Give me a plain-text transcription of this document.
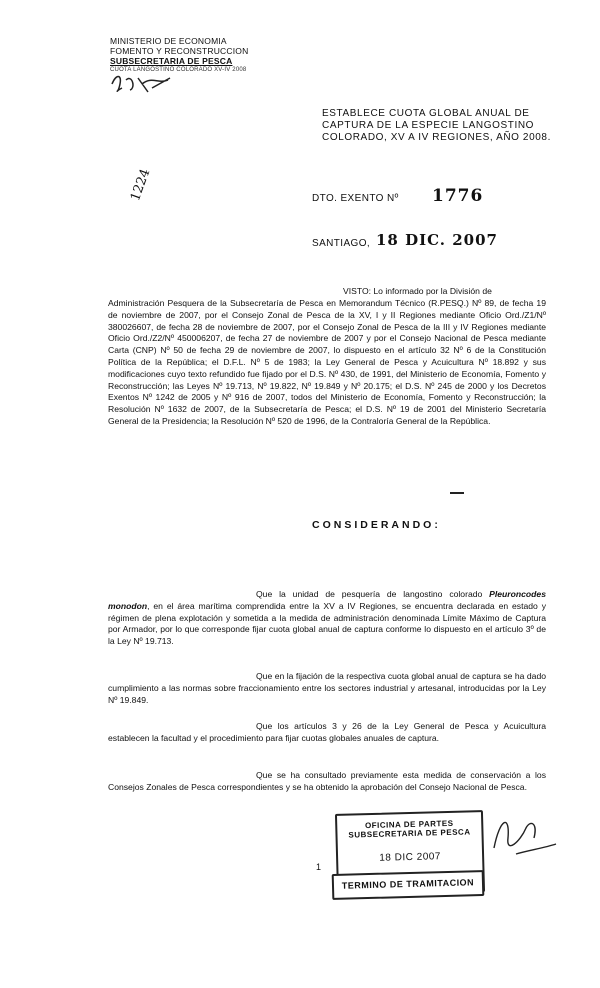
MINISTERIO DE ECONOMIA
FOMENTO Y RECONSTRUCCION
SUBSECRETARIA DE PESCA
CUOTA LANGOSTINO COLORADO XV-IV 2008
ESTABLECE CUOTA GLOBAL ANUAL DE
CAPTURA DE LA ESPECIE LANGOSTINO
COLORADO, XV A IV REGIONES, AÑO 2008.
DTO. EXENTO Nº 1776
1224
SANTIAGO, 18 DIC. 2007
VISTO: Lo informado por la División de
Administración Pesquera de la Subsecretaría de Pesca en Memorandum Técnico (R.PESQ.) Nº 89, de fecha 19 de noviembre de 2007, por el Consejo Zonal de Pesca de la XV, I y II Regiones mediante Oficio Ord./Z1/Nº 380026607, de fecha 28 de noviembre de 2007, por el Consejo Zonal de Pesca de la III y IV Regiones mediante Oficio Ord./Z2/Nº 450006207, de fecha 27 de noviembre de 2007 y por el Consejo Nacional de Pesca mediante Carta (CNP) Nº 50 de fecha 29 de noviembre de 2007, lo dispuesto en el artículo 32 Nº 6 de la Constitución Política de la República; el D.F.L. Nº 5 de 1983; la Ley General de Pesca y Acuicultura Nº 18.892 y sus modificaciones cuyo texto refundido fue fijado por el D.S. Nº 430, de 1991, del Ministerio de Economía, Fomento y Reconstrucción; las Leyes Nº 19.713, Nº 19.822, Nº 19.849 y Nº 20.175; el D.S. Nº 245 de 2000 y los Decretos Exentos Nº 1242 de 2005 y Nº 916 de 2007, todos del Ministerio de Economía, Fomento y Reconstrucción; la Resolución Nº 1632 de 2007, de la Subsecretaría de Pesca; el D.S. Nº 19 de 2001 del Ministerio Secretaría General de la Presidencia; la Resolución Nº 520 de 1996, de la Contraloría General de la República.
CONSIDERANDO:

Que la unidad de pesquería de langostino colorado Pleuroncodes monodon, en el área marítima comprendida entre la XV a IV Regiones, se encuentra declarada en estado y régimen de plena explotación y sometida a la medida de administración denominada Límite Máximo de Captura por Armador, por lo que corresponde fijar cuota global anual de captura conforme lo dispuesto en el artículo 3º de la Ley Nº 19.713.

Que en la fijación de la respectiva cuota global anual de captura se ha dado cumplimiento a las normas sobre fraccionamiento entre los sectores industrial y artesanal, introducidas por la Ley Nº 19.849.

Que los artículos 3 y 26 de la Ley General de Pesca y Acuicultura establecen la facultad y el procedimiento para fijar cuotas globales anuales de captura.

Que se ha consultado previamente esta medida de conservación a los Consejos Zonales de Pesca correspondientes y se ha obtenido la aprobación del Consejo Nacional de Pesca.

OFICINA DE PARTES
SUBSECRETARIA DE PESCA
18 DIC 2007
TERMINO DE TRAMITACION
1
